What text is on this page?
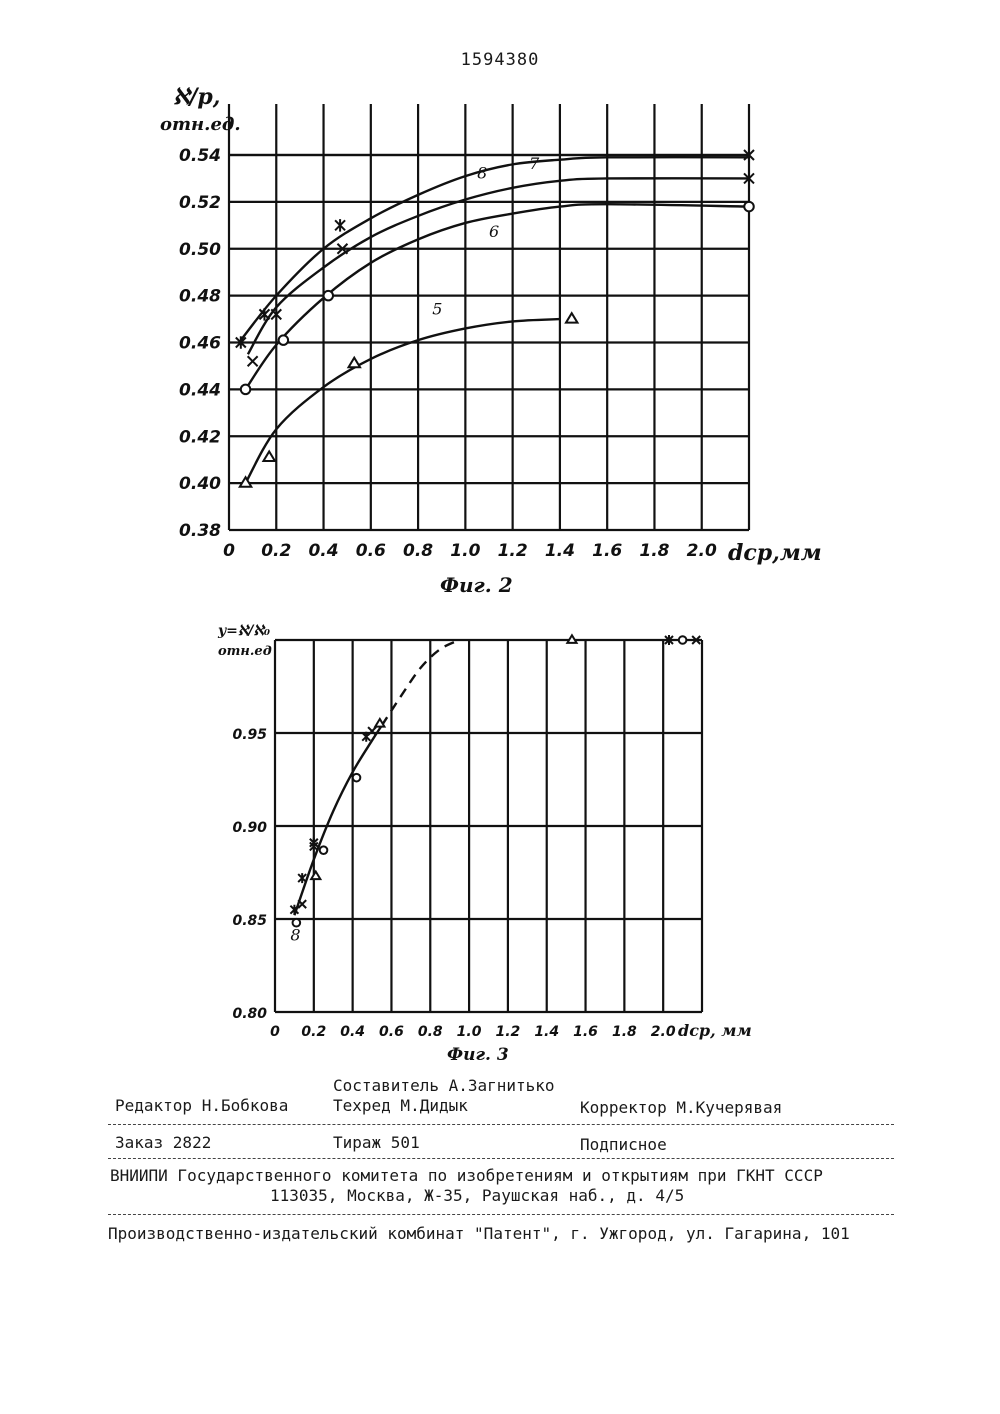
1594380
0 0.2 0.4 0.6 0.8 1.0 1.2 1.4 1.6 1.8 2.0
0.38
0.40
0.42
0.44
0.46
0.48
0.50
0.52
0.54
ℵ/p,
отн.ед.
dср,мм
Фиг. 2
8	7
6
5
0 0.2 0.4 0.6 0.8 1.0 1.2 1.4 1.6 1.8 2.0
0.80
0.85
0.90
0.95
y=ℵ/ℵ₀
отн.ед
dср, мм
Фиг. 3
8
Составитель А.Загнитько
Редактор Н.Бобкова	Техред М.Дидык	Корректор М.Кучерявая
Заказ 2822	Тираж 501	Подписное
ВНИИПИ Государственного комитета по изобретениям и открытиям при ГКНТ СССР
113035, Москва, Ж-35, Раушская наб., д. 4/5
Производственно-издательский комбинат "Патент", г. Ужгород, ул. Гагарина, 101
